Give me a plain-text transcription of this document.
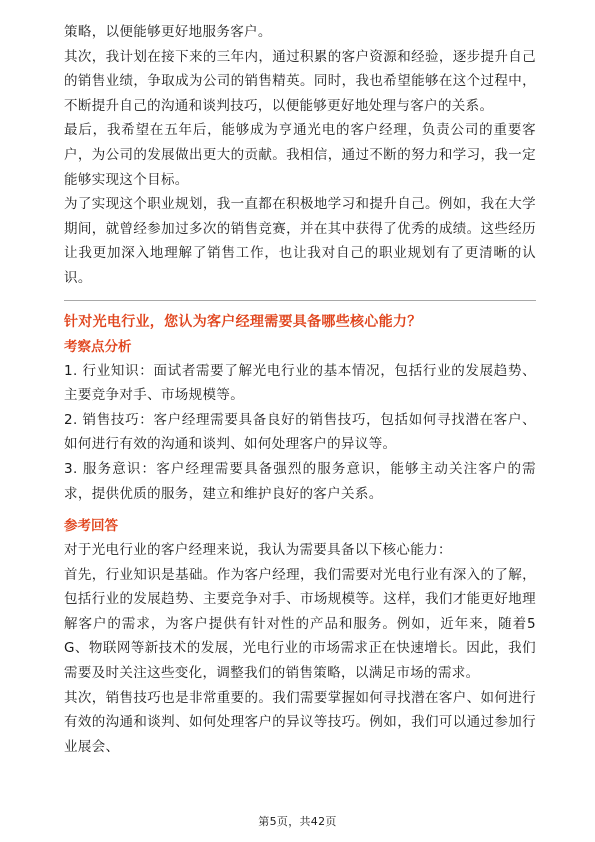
策略，以便能够更好地服务客户。

其次，我计划在接下来的三年内，通过积累的客户资源和经验，逐步提升自己的销售业绩，争取成为公司的销售精英。同时，我也希望能够在这个过程中，不断提升自己的沟通和谈判技巧，以便能够更好地处理与客户的关系。

最后，我希望在五年后，能够成为亨通光电的客户经理，负责公司的重要客户，为公司的发展做出更大的贡献。我相信，通过不断的努力和学习，我一定能够实现这个目标。

为了实现这个职业规划，我一直都在积极地学习和提升自己。例如，我在大学期间，就曾经参加过多次的销售竞赛，并在其中获得了优秀的成绩。这些经历让我更加深入地理解了销售工作，也让我对自己的职业规划有了更清晰的认识。

针对光电行业，您认为客户经理需要具备哪些核心能力？
考察点分析

1. 行业知识：面试者需要了解光电行业的基本情况，包括行业的发展趋势、主要竞争对手、市场规模等。

2. 销售技巧：客户经理需要具备良好的销售技巧，包括如何寻找潜在客户、如何进行有效的沟通和谈判、如何处理客户的异议等。

3. 服务意识：客户经理需要具备强烈的服务意识，能够主动关注客户的需求，提供优质的服务，建立和维护良好的客户关系。

参考回答

对于光电行业的客户经理来说，我认为需要具备以下核心能力：

首先，行业知识是基础。作为客户经理，我们需要对光电行业有深入的了解，包括行业的发展趋势、主要竞争对手、市场规模等。这样，我们才能更好地理解客户的需求，为客户提供有针对性的产品和服务。例如，近年来，随着5G、物联网等新技术的发展，光电行业的市场需求正在快速增长。因此，我们需要及时关注这些变化，调整我们的销售策略，以满足市场的需求。

其次，销售技巧也是非常重要的。我们需要掌握如何寻找潜在客户、如何进行有效的沟通和谈判、如何处理客户的异议等技巧。例如，我们可以通过参加行业展会、

第5页，共42页
